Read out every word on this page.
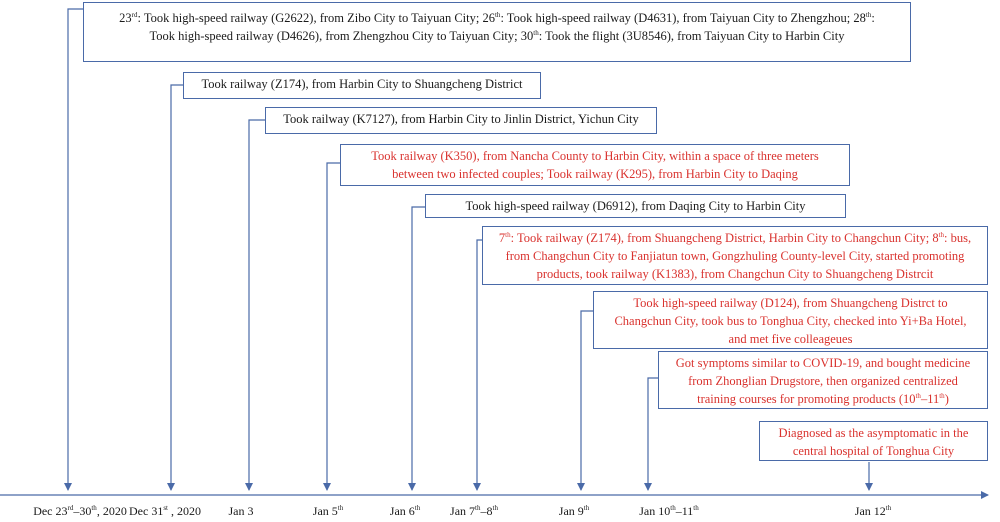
23rd: Took high-speed railway (G2622), from Zibo City to Taiyuan City; 26th: Took high-speed railway (D4631), from Taiyuan City to Zhengzhou; 28th:
Took high-speed railway (D4626), from Zhengzhou City to Taiyuan City; 30th: Took the flight (3U8546), from Taiyuan City to Harbin City
Took railway (Z174), from Harbin City to Shuangcheng District
Took railway (K7127), from Harbin City to Jinlin District, Yichun City
Took railway (K350), from Nancha County to Harbin City, within a space of three meters
between two infected couples; Took railway (K295), from Harbin City to Daqing
Took high-speed railway (D6912), from Daqing City to Harbin City
7th: Took railway (Z174), from Shuangcheng District, Harbin City to Changchun City; 8th: bus,
from Changchun City to Fanjiatun town, Gongzhuling County-level City, started promoting
products, took railway (K1383), from Changchun City to Shuangcheng Distrcit
Took high-speed railway (D124), from Shuangcheng Distrct to
Changchun City, took bus to Tonghua City, checked into Yi+Ba Hotel,
and met five colleageues
Got symptoms similar to COVID-19, and bought medicine
from Zhonglian Drugstore, then organized centralized
training courses for promoting products (10th–11th)
Diagnosed as the asymptomatic in the
central hospital of Tonghua City
Dec 23rd–30th, 2020 Dec 31st , 2020 Jan 3	Jan 5th	Jan 6th Jan 7th–8th	Jan 9th	Jan 10th–11th	Jan 12th
